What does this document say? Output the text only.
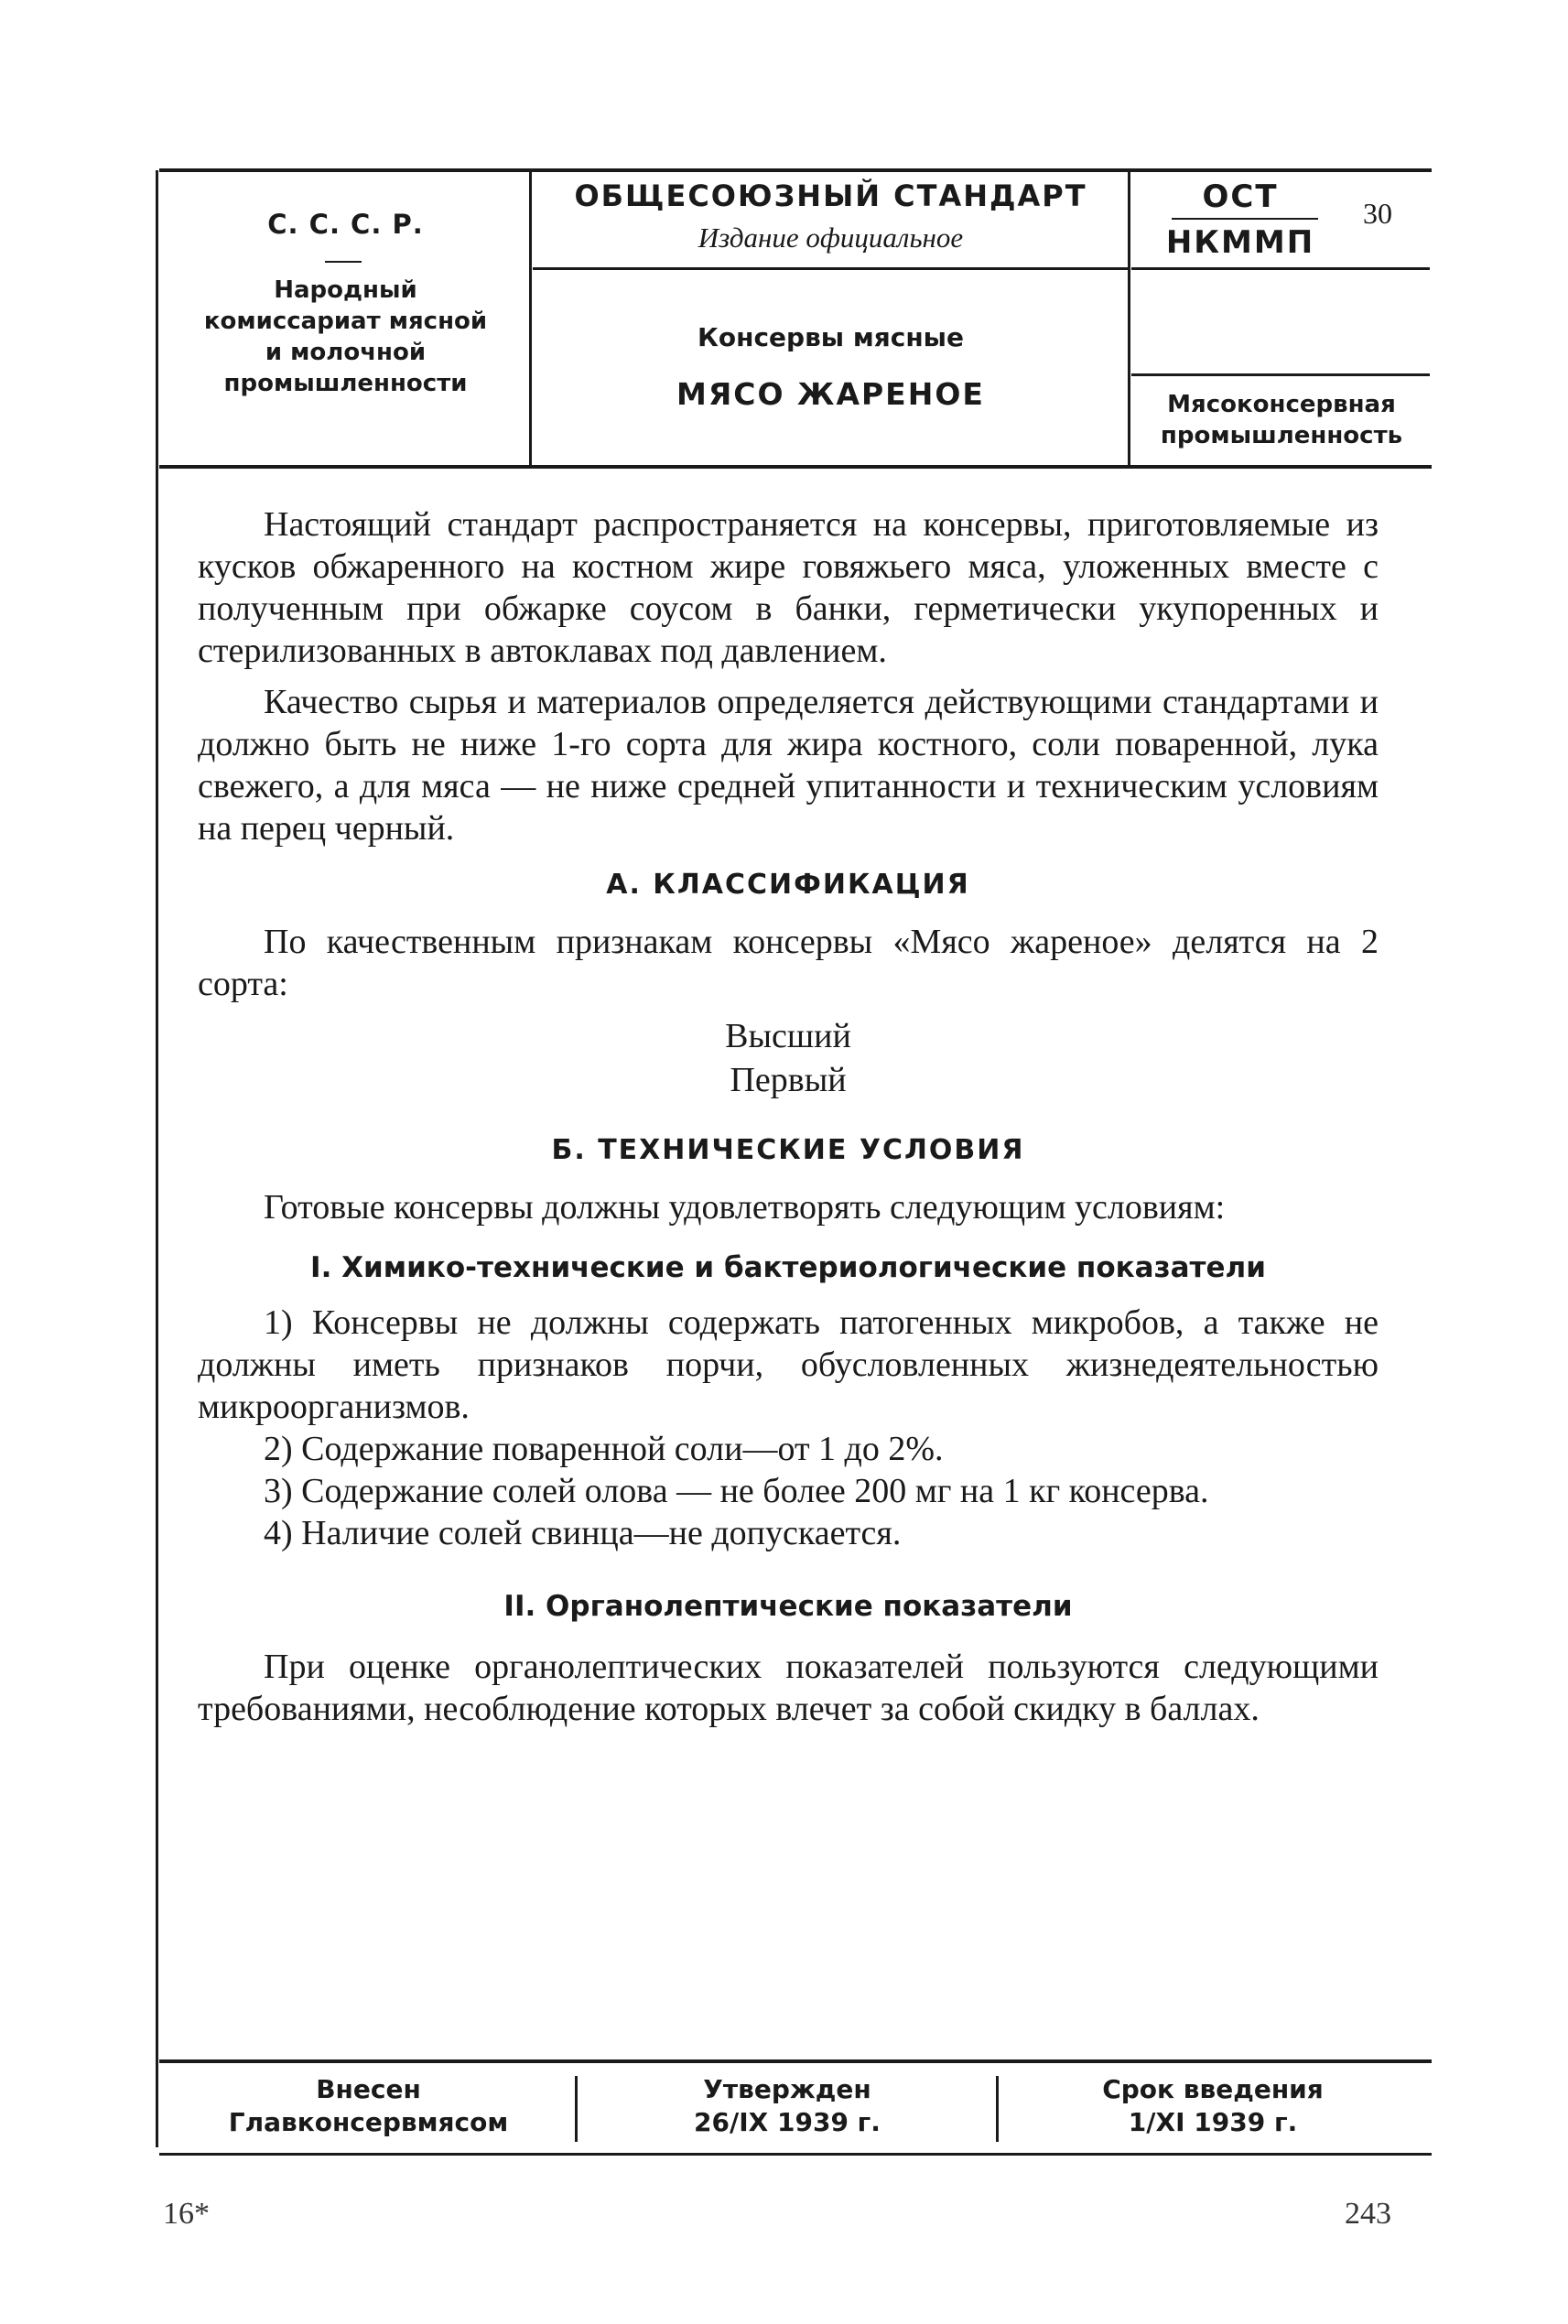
С. С. С. Р.
Народный
комиссариат мясной
и молочной
промышленности
ОБЩЕСОЮЗНЫЙ СТАНДАРТ
Издание официальное
Консервы мясные
МЯСО ЖАРЕНОЕ
ОСТ
НКММП
30
Мясоконсервная
промышленность

Настоящий стандарт распространяется на консервы, приготовляемые из кусков обжаренного на костном жире говяжьего мяса, уложенных вместе с полученным при обжарке соусом в банки, герметически укупоренных и стерилизованных в автоклавах под давлением.

Качество сырья и материалов определяется действующими стандартами и должно быть не ниже 1-го сорта для жира костного, соли поваренной, лука свежего, а для мяса — не ниже средней упитанности и техническим условиям на перец черный.

А. КЛАССИФИКАЦИЯ

По качественным признакам консервы «Мясо жареное» делятся на 2 сорта:

Высший
Первый
Б. ТЕХНИЧЕСКИЕ УСЛОВИЯ

Готовые консервы должны удовлетворять следующим условиям:

I. Химико-технические и бактериологические показатели

1) Консервы не должны содержать патогенных микробов, а также не должны иметь признаков порчи, обусловленных жизнедеятельностью микроорганизмов.

2) Содержание поваренной соли—от 1 до 2%.

3) Содержание солей олова — не более 200 мг на 1 кг консерва.

4) Наличие солей свинца—не допускается.

II. Органолептические показатели

При оценке органолептических показателей пользуются следующими требованиями, несоблюдение которых влечет за собой скидку в баллах.

Внесен
Главконсервмясом
Утвержден
26/IX 1939 г.
Срок введения
1/XI 1939 г.
16*	243
